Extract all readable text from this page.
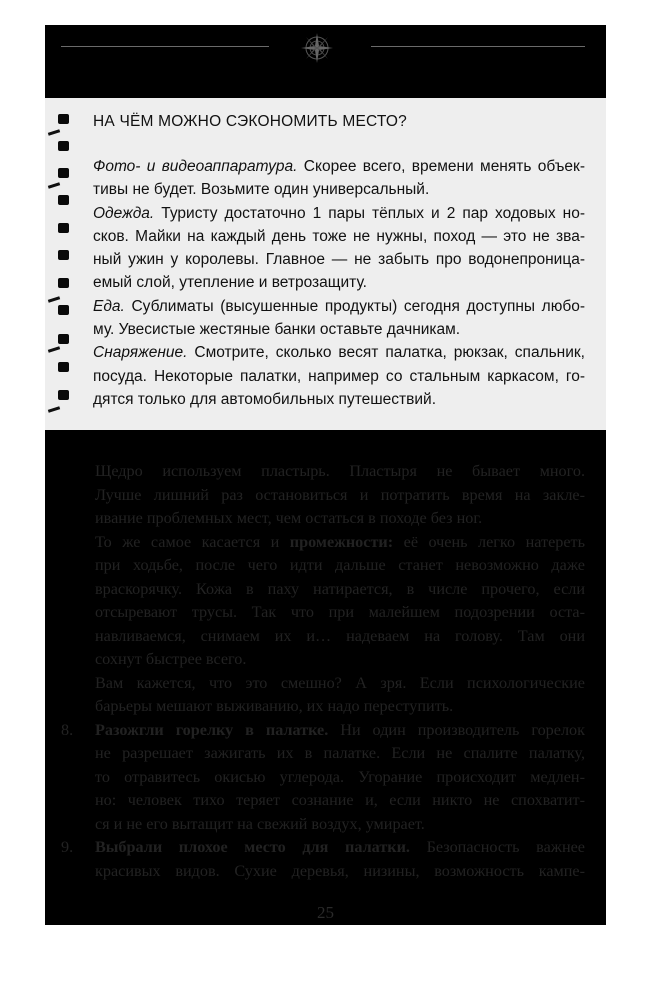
НА ЧЁМ МОЖНО СЭКОНОМИТЬ МЕСТО?
Фото- и видеоаппаратура. Скорее всего, времени менять объек-
тивы не будет. Возьмите один универсальный.
Одежда. Туристу достаточно 1 пары тёплых и 2 пар ходовых но-
сков. Майки на каждый день тоже не нужны, поход — это не зва-
ный ужин у королевы. Главное — не забыть про водонепроница-
емый слой, утепление и ветрозащиту.
Еда. Сублиматы (высушенные продукты) сегодня доступны любо-
му. Увесистые жестяные банки оставьте дачникам.
Снаряжение. Смотрите, сколько весят палатка, рюкзак, спальник,
посуда. Некоторые палатки, например со стальным каркасом, го-
дятся только для автомобильных путешествий.
Щедро используем пластырь. Пластыря не бывает много.
Лучше лишний раз остановиться и потратить время на закле-
ивание проблемных мест, чем остаться в походе без ног.
То же самое касается и промежности: её очень легко натереть
при ходьбе, после чего идти дальше станет невозможно даже
враскорячку. Кожа в паху натирается, в числе прочего, если
отсыревают трусы. Так что при малейшем подозрении оста-
навливаемся, снимаем их и… надеваем на голову. Там они
сохнут быстрее всего.
Вам кажется, что это смешно? А зря. Если психологические
барьеры мешают выживанию, их надо переступить.
8. Разожгли горелку в палатке. Ни один производитель горелок
не разрешает зажигать их в палатке. Если не спалите палатку,
то отравитесь окисью углерода. Угорание происходит медлен-
но: человек тихо теряет сознание и, если никто не спохватит-
ся и не его вытащит на свежий воздух, умирает.
9. Выбрали плохое место для палатки. Безопасность важнее
красивых видов. Сухие деревья, низины, возможность кампе-
25
